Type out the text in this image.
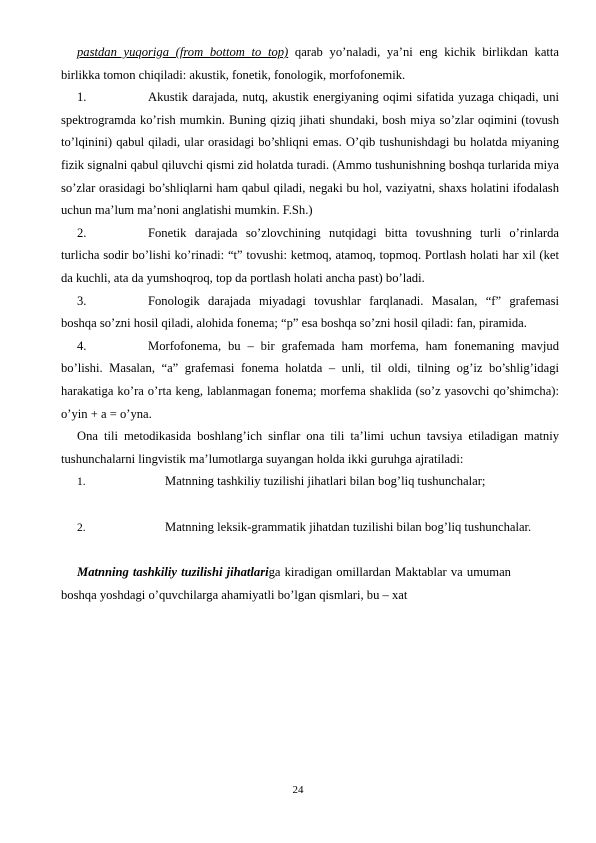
pastdan yuqoriga (from bottom to top) qarab yo’naladi, ya’ni eng kichik birlikdan katta birlikka tomon chiqiladi: akustik, fonetik, fonologik, morfofonemik.

1.	Akustik darajada, nutq, akustik energiyaning oqimi sifatida yuzaga chiqadi, uni spektrogramda ko’rish mumkin. Buning qiziq jihati shundaki, bosh miya so’zlar oqimini (tovush to’lqinini) qabul qiladi, ular orasidagi bo’shliqni emas. O’qib tushunishdagi bu holatda miyaning fizik signalni qabul qiluvchi qismi zid holatda turadi. (Ammo tushunishning boshqa turlarida miya so’zlar orasidagi bo’shliqlarni ham qabul qiladi, negaki bu hol, vaziyatni, shaxs holatini ifodalash uchun ma’lum ma’noni anglatishi mumkin. F.Sh.)

2.	Fonetik darajada so’zlovchining nutqidagi bitta tovushning turli o’rinlarda turlicha sodir bo’lishi ko’rinadi: “t” tovushi: ketmoq, atamoq, topmoq. Portlash holati har xil (ket da kuchli, ata da yumshoqroq, top da portlash holati ancha past) bo’ladi.

3.	Fonologik darajada miyadagi tovushlar farqlanadi. Masalan, “f” grafemasi boshqa so’zni hosil qiladi, alohida fonema; “p” esa boshqa so’zni hosil qiladi: fan, piramida.

4.	Morfofonema, bu – bir grafemada ham morfema, ham fonemaning mavjud bo’lishi. Masalan, “a” grafemasi fonema holatda – unli, til oldi, tilning og’iz bo’shlig’idagi harakatiga ko’ra o’rta keng, lablanmagan fonema; morfema shaklida (so’z yasovchi qo’shimcha): o’yin + a = o’yna.

Ona tili metodikasida boshlang’ich sinflar ona tili ta’limi uchun tavsiya etiladigan matniy tushunchalarni lingvistik ma’lumotlarga suyangan holda ikki guruhga ajratiladi:

1.	Matnning tashkiliy tuzilishi jihatlari bilan bog’liq tushunchalar;

2.	Matnning leksik-grammatik jihatdan tuzilishi bilan bog’liq tushunchalar.

Matnning tashkiliy tuzilishi jihatlariga kiradigan omillardan Maktablar va umuman boshqa yoshdagi o’quvchilarga ahamiyatli bo’lgan qismlari, bu – xat

24
